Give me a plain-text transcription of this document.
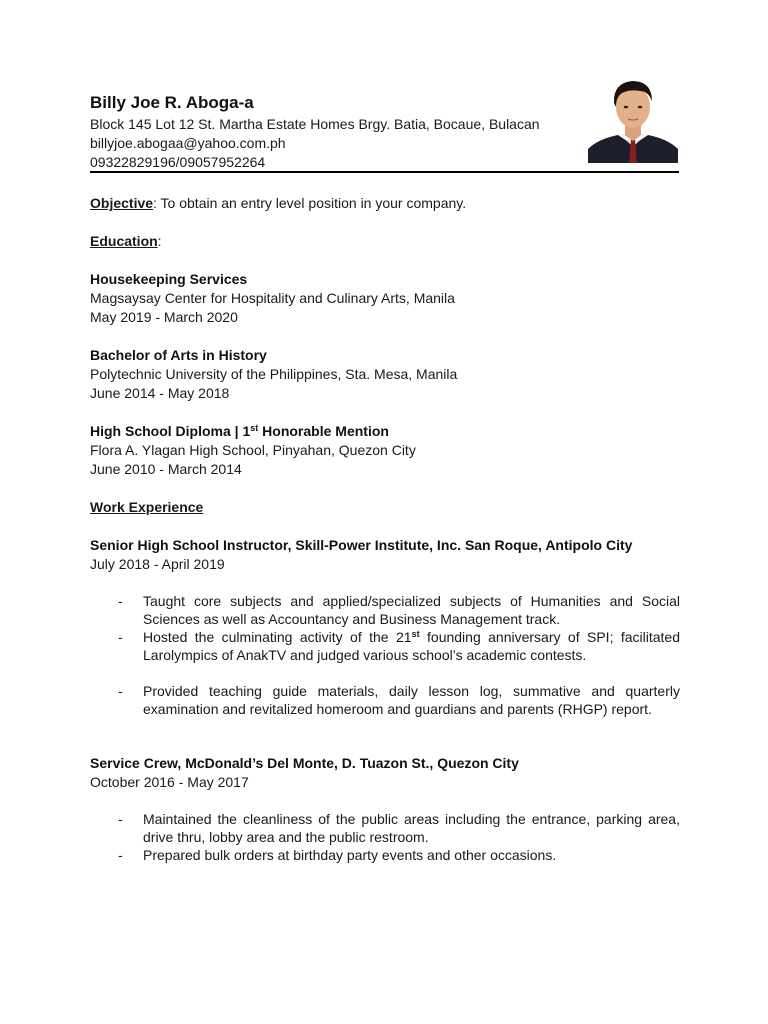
Billy Joe R. Aboga-a
Block 145 Lot 12 St. Martha Estate Homes Brgy. Batia, Bocaue, Bulacan
billyjoe.abogaa@yahoo.com.ph
09322829196/09057952264

Objective: To obtain an entry level position in your company.

Education:

Housekeeping Services

Magsaysay Center for Hospitality and Culinary Arts, Manila

May 2019 - March 2020

Bachelor of Arts in History

Polytechnic University of the Philippines, Sta. Mesa, Manila

June 2014 - May 2018

High School Diploma | 1st Honorable Mention

Flora A. Ylagan High School, Pinyahan, Quezon City

June 2010 - March 2014

Work Experience

Senior High School Instructor, Skill-Power Institute, Inc. San Roque, Antipolo City

July 2018 - April 2019

- Taught core subjects and applied/specialized subjects of Humanities and Social Sciences as well as Accountancy and Business Management track.
- Hosted the culminating activity of the 21st founding anniversary of SPI; facilitated Larolympics of AnakTV and judged various school’s academic contests.
- Provided teaching guide materials, daily lesson log, summative and quarterly examination and revitalized homeroom and guardians and parents (RHGP) report.

Service Crew, McDonald’s Del Monte, D. Tuazon St., Quezon City

October 2016 - May 2017

- Maintained the cleanliness of the public areas including the entrance, parking area, drive thru, lobby area and the public restroom.
- Prepared bulk orders at birthday party events and other occasions.
